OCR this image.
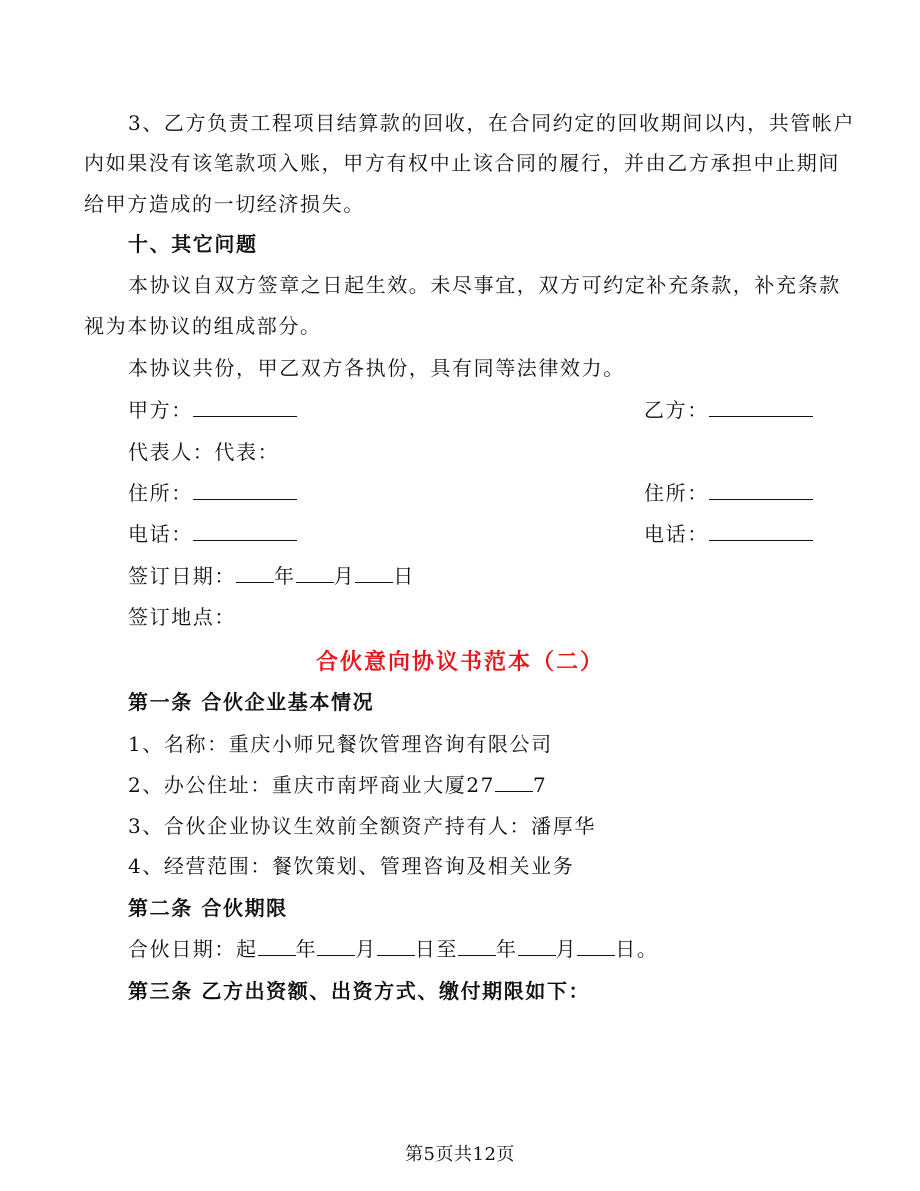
3、乙方负责工程项目结算款的回收，在合同约定的回收期间以内，共管帐户
内如果没有该笔款项入账，甲方有权中止该合同的履行，并由乙方承担中止期间
给甲方造成的一切经济损失。
十、其它问题
本协议自双方签章之日起生效。未尽事宜，双方可约定补充条款，补充条款
视为本协议的组成部分。
本协议共份，甲乙双方各执份，具有同等法律效力。
甲方：	乙方：
代表人：代表：
住所：	住所：
电话：	电话：
签订日期： 年 月 日
签订地点：
合伙意向协议书范本（二）
第一条 合伙企业基本情况
1、名称：重庆小师兄餐饮管理咨询有限公司
2、办公住址：重庆市南坪商业大厦27 7
3、合伙企业协议生效前全额资产持有人：潘厚华
4、经营范围：餐饮策划、管理咨询及相关业务
第二条 合伙期限
合伙日期：起 年 月 日至 年 月 日。
第三条 乙方出资额、出资方式、缴付期限如下：
第5页共12页
